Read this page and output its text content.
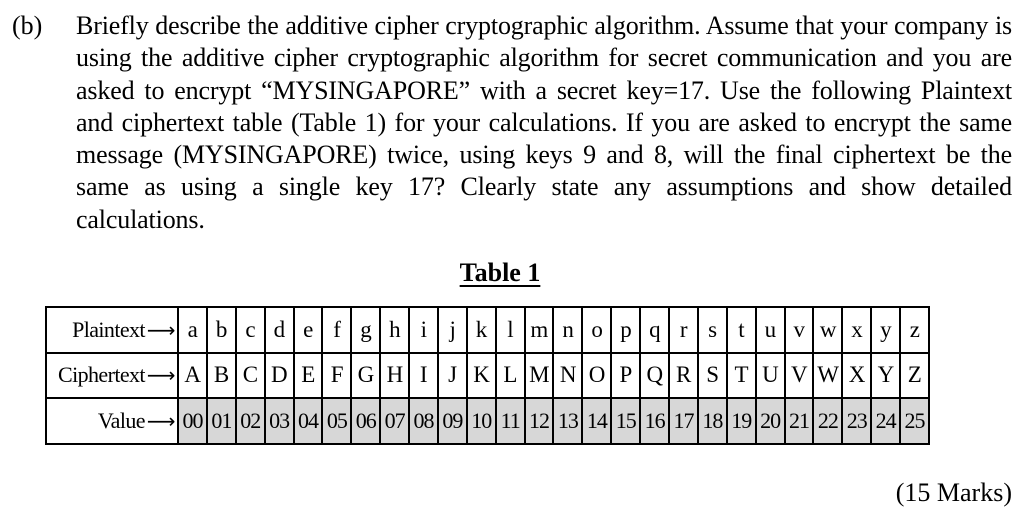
(b) Briefly describe the additive cipher cryptographic algorithm. Assume that your company is using the additive cipher cryptographic algorithm for secret communication and you are asked to encrypt “MYSINGAPORE” with a secret key=17. Use the following Plaintext and ciphertext table (Table 1) for your calculations. If you are asked to encrypt the same message (MYSINGAPORE) twice, using keys 9 and 8, will the final ciphertext be the same as using a single key 17? Clearly state any assumptions and show detailed calculations.
Table 1
Plaintext ⟶ a b c d e f g h i	j k l m n o p q r s t u v w x y z
Ciphertext ⟶ A B C D E F G H I J K L M N O P Q R S T U V W X Y Z
Value ⟶ 00 01 02 03 04 05 06 07 08 09 10 11 12 13 14 15 16 17 18 19 20 21 22 23 24 25
(15 Marks)
